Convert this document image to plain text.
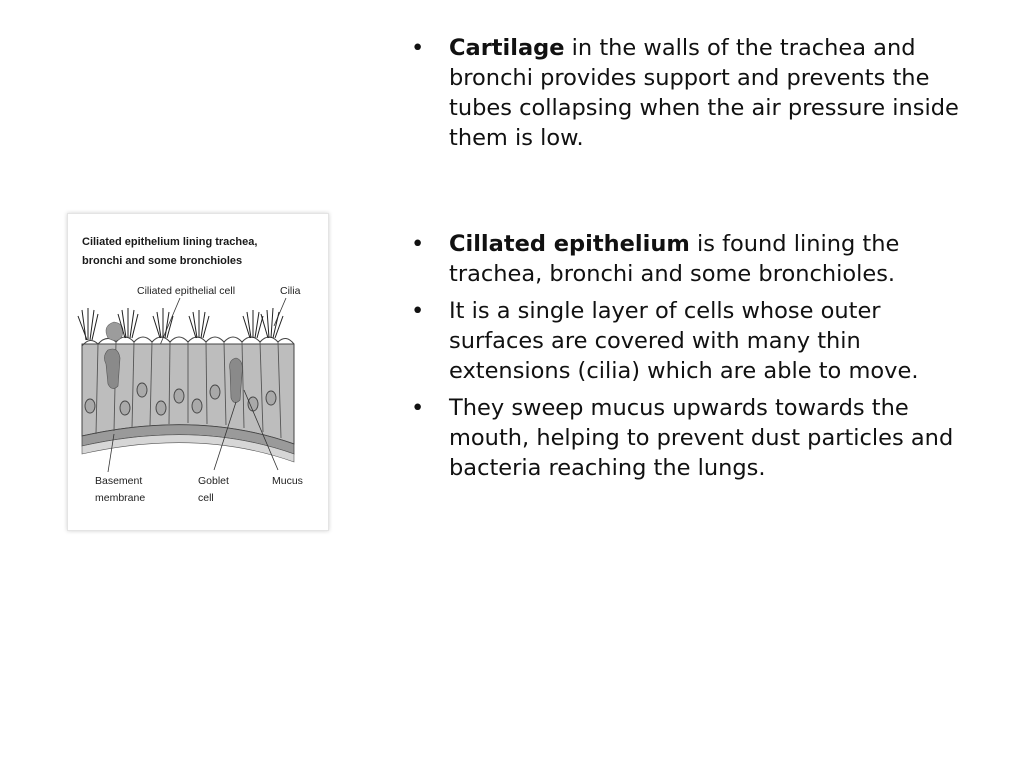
Ciliated epithelium lining trachea,
bronchi and some bronchioles
Ciliated epithelial cell	Cilia
Basement
membrane
Goblet
cell
Mucus
• Cartilage in the walls of the trachea and bronchi provides support and prevents the tubes collapsing when the air pressure inside them is low.
• Cillated epithelium is found lining the trachea, bronchi and some bronchioles.
• It is a single layer of cells whose outer surfaces are covered with many thin extensions (cilia) which are able to move.
• They sweep mucus upwards towards the mouth, helping to prevent dust particles and bacteria reaching the lungs.
